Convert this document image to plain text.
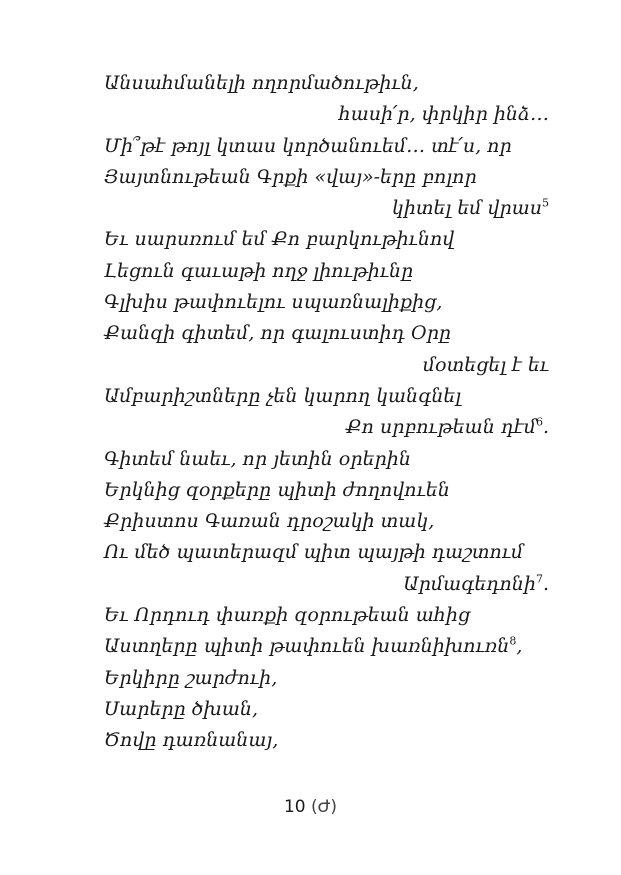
Անսահմանելի ողորմածութիւն,
հասի՛ր, փրկիր ինձ…
Մի՞թէ թոյլ կտաս կործանուեմ… տէ՛ս, որ
Յայտնութեան Գրքի «վայ»-երը բոլոր
կիտել եմ վրաս$^5$
Եւ սարսռում եմ Քո բարկութիւնով
Լեցուն գաւաթի ողջ լիութիւնը
Գլխիս թափուելու սպառնալիքից,
Քանզի գիտեմ, որ գալուստիդ Օրը
մօտեցել է եւ
Ամբարիշտները չեն կարող կանգնել
Քո սրբութեան դէմ$^6$.
Գիտեմ նաեւ, որ յետին օրերին
Երկնից զօրքերը պիտի ժողովուեն
Քրիստոս Գառան դրօշակի տակ,
Ու մեծ պատերազմ պիտ պայթի դաշտում
Արմագեդոնի$^7$.
Եւ Որդուդ փառքի զօրութեան ահից
Աստղերը պիտի թափուեն խառնիխուռն$^8$,
Երկիրը շարժուի,
Սարերը ծխան,
Ծովը դառնանայ,
10 (Ժ)
